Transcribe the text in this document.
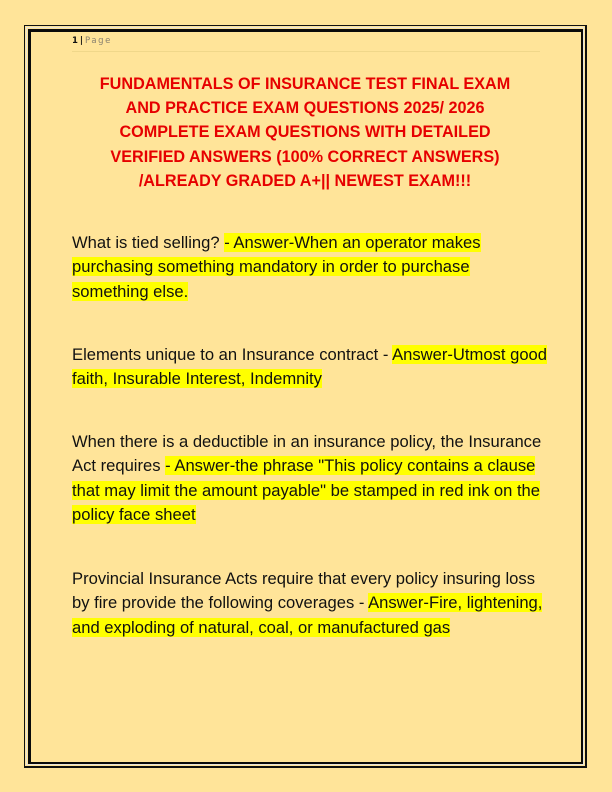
1 | Page
FUNDAMENTALS OF INSURANCE TEST FINAL EXAM
AND PRACTICE EXAM QUESTIONS 2025/ 2026
COMPLETE EXAM QUESTIONS WITH DETAILED
VERIFIED ANSWERS (100% CORRECT ANSWERS)
/ALREADY GRADED A+|| NEWEST EXAM!!!
What is tied selling? - Answer-When an operator makes purchasing something mandatory in order to purchase something else.
Elements unique to an Insurance contract - Answer-Utmost good faith, Insurable Interest, Indemnity
When there is a deductible in an insurance policy, the Insurance Act requires - Answer-the phrase "This policy contains a clause that may limit the amount payable" be stamped in red ink on the policy face sheet
Provincial Insurance Acts require that every policy insuring loss by fire provide the following coverages - Answer-Fire, lightening, and exploding of natural, coal, or manufactured gas
